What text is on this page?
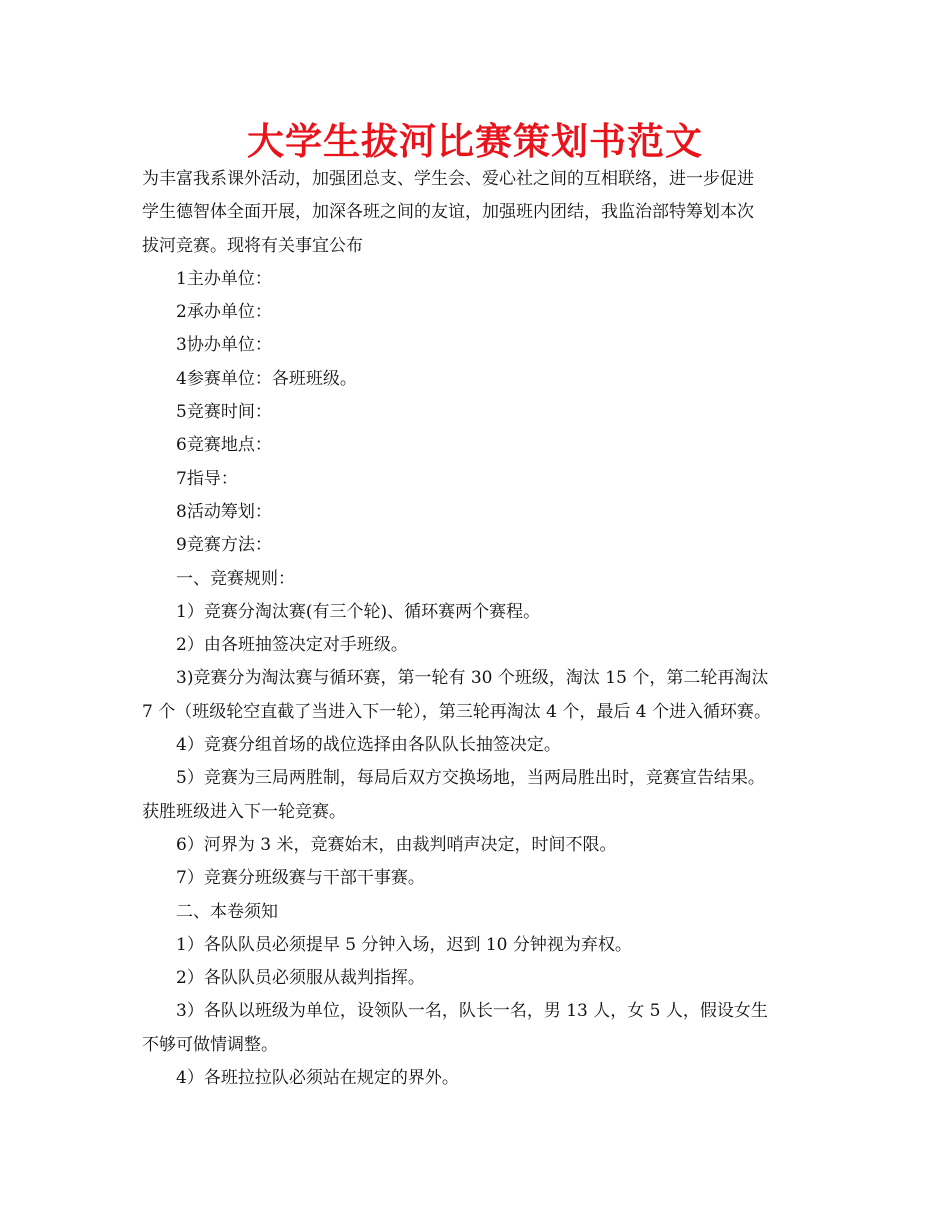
大学生拔河比赛策划书范文

为丰富我系课外活动，加强团总支、学生会、爱心社之间的互相联络，进一步促进

学生德智体全面开展，加深各班之间的友谊，加强班内团结，我监治部特筹划本次

拔河竞赛。现将有关事宜公布

1主办单位：

2承办单位：

3协办单位：

4参赛单位：各班班级。

5竞赛时间：

6竞赛地点：

7指导：

8活动筹划：

9竞赛方法：

一、竞赛规则：

1）竞赛分淘汰赛(有三个轮)、循环赛两个赛程。

2）由各班抽签决定对手班级。

3)竞赛分为淘汰赛与循环赛，第一轮有 30 个班级，淘汰 15 个，第二轮再淘汰

7 个（班级轮空直截了当进入下一轮），第三轮再淘汰 4 个，最后 4 个进入循环赛。

4）竞赛分组首场的战位选择由各队队长抽签决定。

5）竞赛为三局两胜制，每局后双方交换场地，当两局胜出时，竞赛宣告结果。

获胜班级进入下一轮竞赛。

6）河界为 3 米，竞赛始末，由裁判哨声决定，时间不限。

7）竞赛分班级赛与干部干事赛。

二、本卷须知

1）各队队员必须提早 5 分钟入场，迟到 10 分钟视为弃权。

2）各队队员必须服从裁判指挥。

3）各队以班级为单位，设领队一名，队长一名，男 13 人，女 5 人，假设女生

不够可做情调整。

4）各班拉拉队必须站在规定的界外。
